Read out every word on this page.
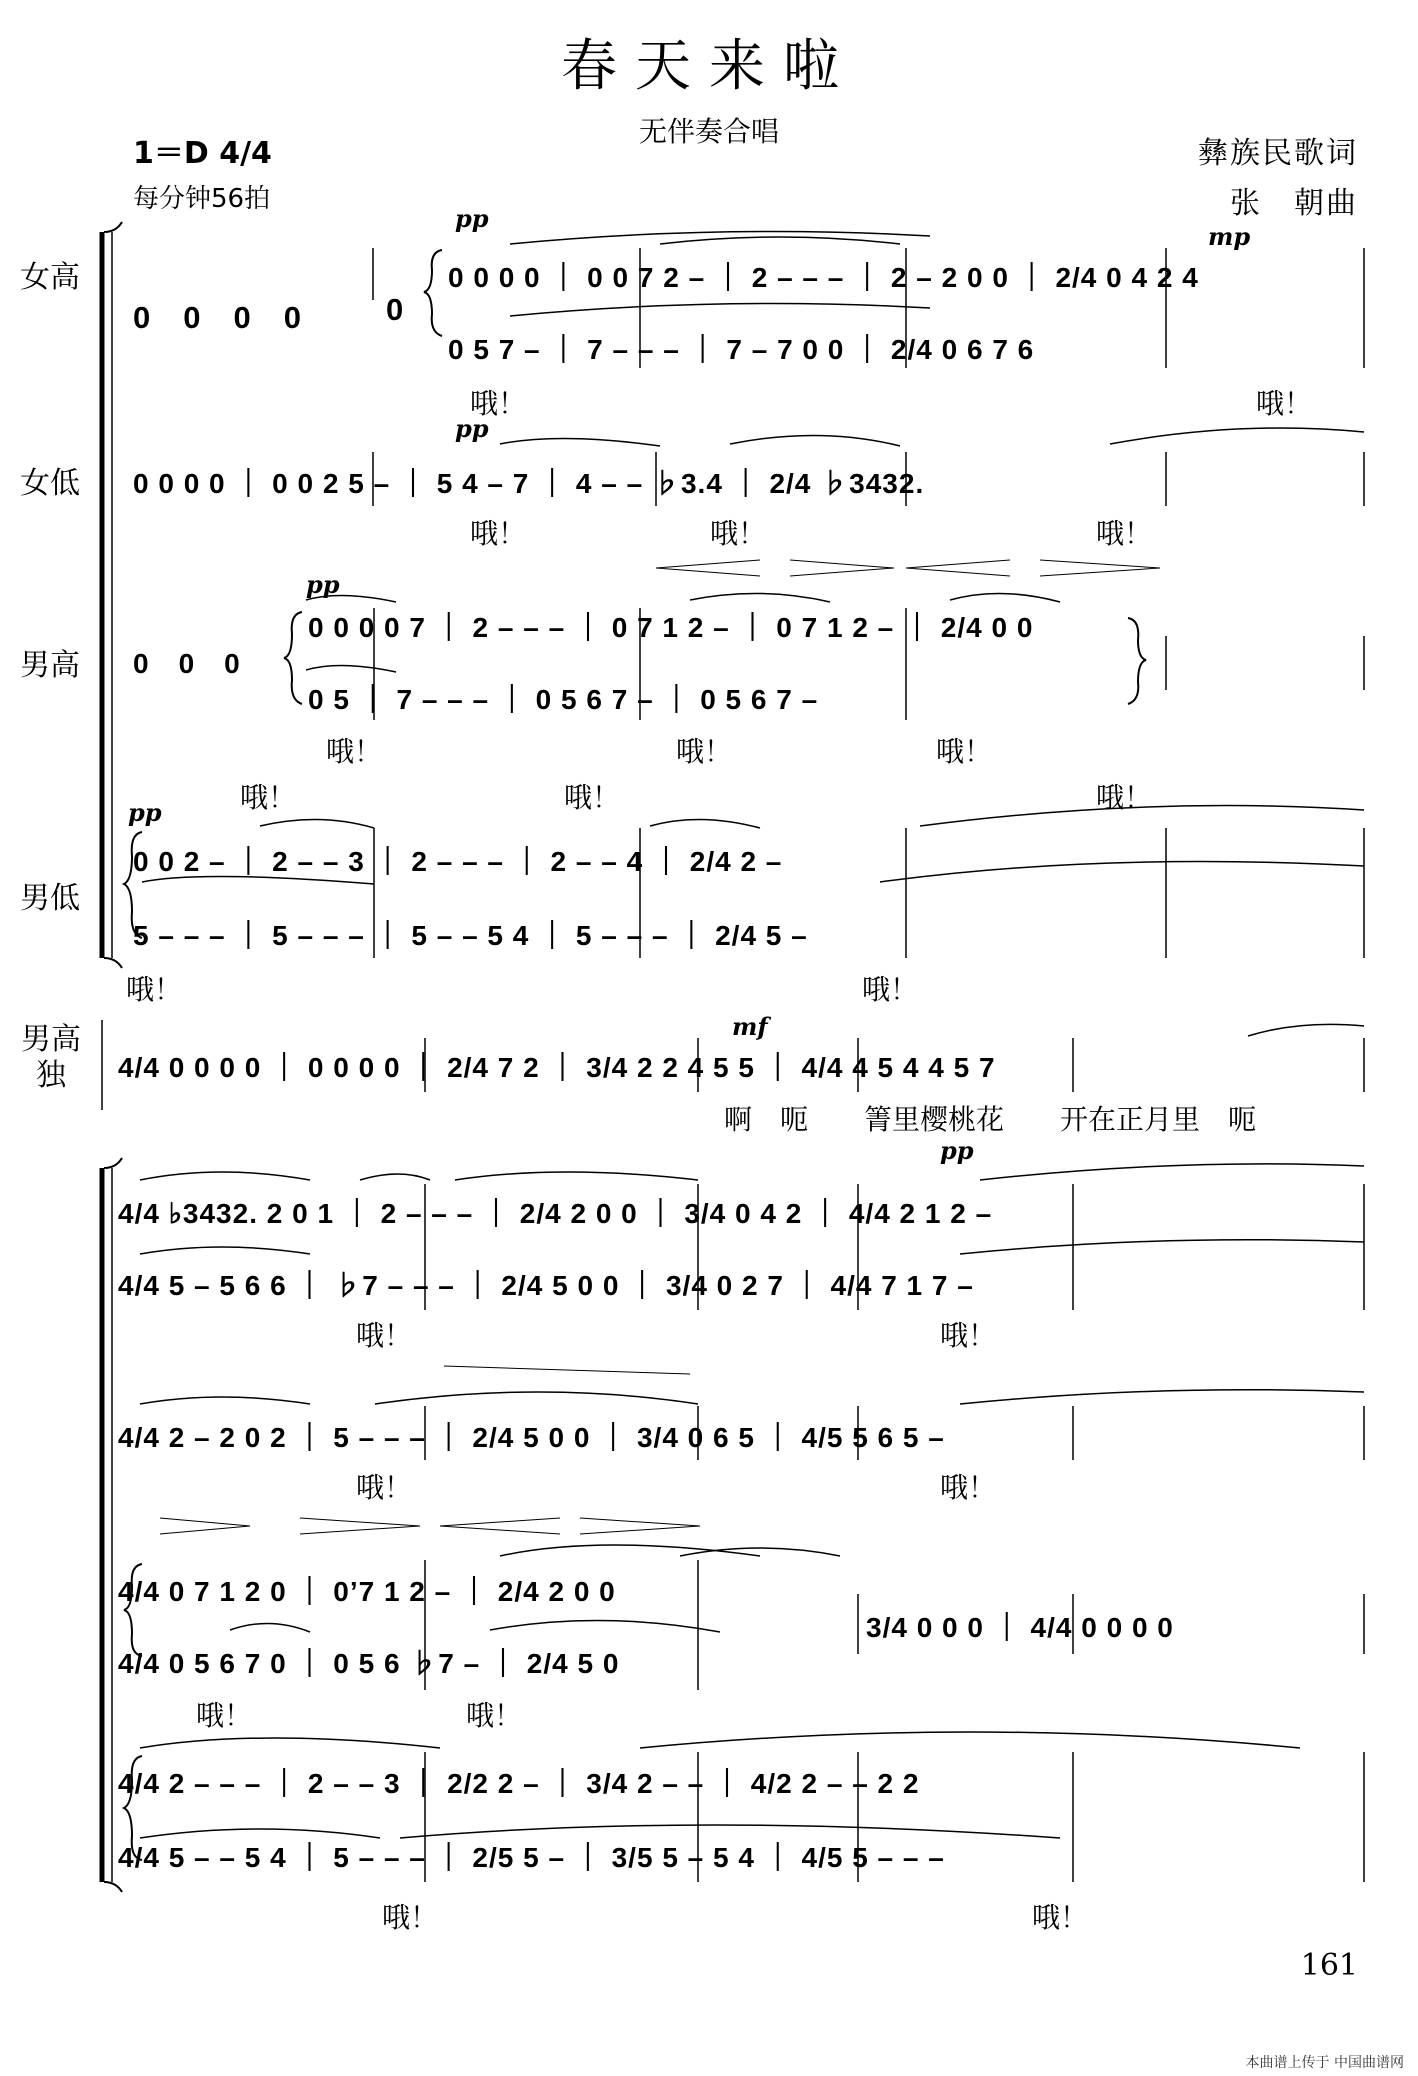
春天来啦
无伴奏合唱
1＝D 4/4
每分钟56拍
彝族民歌词
张　朝曲
女高
女低
男高
男低
男高独
pp
mp
pp
pp
pp
mf
pp
0　0　0　0	0
0 0 0 0 ｜ 0 0 7 2 – ｜ 2 – – – ｜ 2 – 2 0 0 ｜ 2/4 0 4 2 4
0 5 7 – ｜ 7 – – – ｜ 7 – 7 0 0 ｜ 2/4 0 6 7 6
哦！	哦！
0 0 0 0 ｜ 0 0 2 5 – ｜ 5 4 – 7 ｜ 4 – – ♭3.4 ｜ 2/4 ♭3432.
哦！	哦！	哦！
0　0　0
0 0 0 0 7 ｜ 2 – – – ｜ 0 7 1 2 – ｜ 0 7 1 2 – ｜ 2/4 0 0
0 5 ｜ 7 – – – ｜ 0 5 6 7 – ｜ 0 5 6 7 –
哦！	哦！	哦！
哦！	哦！	哦！
0 0 2 – ｜ 2 – – 3 ｜ 2 – – – ｜ 2 – – 4 ｜ 2/4 2 –
5 – – – ｜ 5 – – – ｜ 5 – – 5 4 ｜ 5 – – – ｜ 2/4 5 –
哦！	哦！
4/4 0 0 0 0 ｜ 0 0 0 0 ｜ 2/4 7 2 ｜ 3/4 2 2 4 5 5 ｜ 4/4 4 5 4 4 5 7
啊　呃　　箐里樱桃花　　开在正月里　呃
4/4 ♭3432. 2 0 1 ｜ 2 – – – ｜ 2/4 2 0 0 ｜ 3/4 0 4 2 ｜ 4/4 2 1 2 –
4/4 5 – 5 6 6 ｜ ♭7 – – – ｜ 2/4 5 0 0 ｜ 3/4 0 2 7 ｜ 4/4 7 1 7 –
哦！	哦！
4/4 2 – 2 0 2 ｜ 5 – – – ｜ 2/4 5 0 0 ｜ 3/4 0 6 5 ｜ 4/5 5 6 5 –
哦！	哦！
4/4 0 7 1 2 0 ｜ 0’7 1 2 – ｜ 2/4 2 0 0
4/4 0 5 6 7 0 ｜ 0 5 6 ♭7 – ｜ 2/4 5 0
3/4 0 0 0 ｜ 4/4 0 0 0 0
哦！	哦！
4/4 2 – – – ｜ 2 – – 3 ｜ 2/2 2 – ｜ 3/4 2 – – ｜ 4/2 2 – – 2 2
4/4 5 – – 5 4 ｜ 5 – – – ｜ 2/5 5 – ｜ 3/5 5 – 5 4 ｜ 4/5 5 – – –
哦！	哦！
161
本曲谱上传于 中国曲谱网
